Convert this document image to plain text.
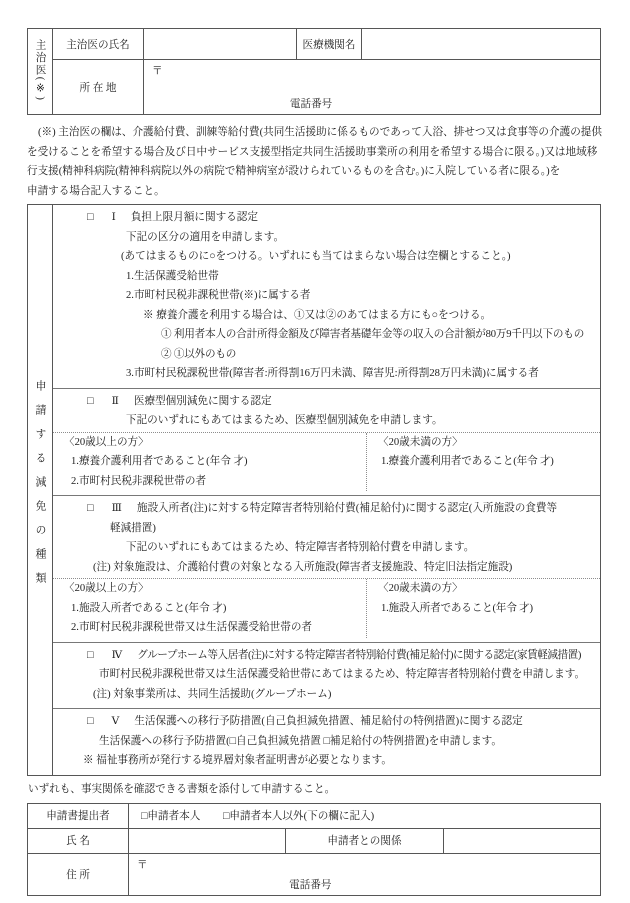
主治医(※)	主治医の氏名		医療機関名	
	所 在 地	〒
電話番号		
(※) 主治医の欄は、介護給付費、訓練等給付費(共同生活援助に係るものであって入浴、排せつ又は食事等の介護の提供
を受けることを希望する場合及び日中サービス支援型指定共同生活援助事業所の利用を希望する場合に限る。)又は地域移
行支援(精神科病院(精神科病院以外の病院で精神病室が設けられているものを含む。)に入院している者に限る。)を
申請する場合記入すること。
申請する減免の種類	
□ Ⅰ 負担上限月額に関する認定
下記の区分の適用を申請します。
(あてはまるものに○をつける。いずれにも当てはまらない場合は空欄とすること。)
1.生活保護受給世帯
2.市町村民税非課税世帯(※)に属する者
※ 療養介護を利用する場合は、①又は②のあてはまる方にも○をつける。
① 利用者本人の合計所得金額及び障害者基礎年金等の収入の合計額が80万9千円以下のもの
② ①以外のもの
3.市町村民税課税世帯(障害者:所得割16万円未満、障害児:所得割28万円未満)に属する者
□ Ⅱ 医療型個別減免に関する認定
下記のいずれにもあてはまるため、医療型個別減免を申請します。
〈20歳以上の方〉
1.療養介護利用者であること(年令 才)
2.市町村民税非課税世帯の者
〈20歳未満の方〉
1.療養介護利用者であること(年令 才)
□ Ⅲ 施設入所者(注)に対する特定障害者特別給付費(補足給付)に関する認定(入所施設の食費等
軽減措置)
下記のいずれにもあてはまるため、特定障害者特別給付費を申請します。
(注) 対象施設は、介護給付費の対象となる入所施設(障害者支援施設、特定旧法指定施設)
〈20歳以上の方〉
1.施設入所者であること(年令 才)
2.市町村民税非課税世帯又は生活保護受給世帯の者
〈20歳未満の方〉
1.施設入所者であること(年令 才)
□ Ⅳ グループホーム等入居者(注)に対する特定障害者特別給付費(補足給付)に関する認定(家賃軽減措置)
市町村民税非課税世帯又は生活保護受給世帯にあてはまるため、特定障害者特別給付費を申請します。
(注) 対象事業所は、共同生活援助(グループホーム)
□ Ⅴ 生活保護への移行予防措置(自己負担減免措置、補足給付の特例措置)に関する認定
生活保護への移行予防措置(□自己負担減免措置 □補足給付の特例措置)を申請します。
※ 福祉事務所が発行する境界層対象者証明書が必要となります。
いずれも、事実関係を確認できる書類を添付して申請すること。
申請書提出者	□申請者本人 □申請者本人以外(下の欄に記入)		
氏 名		申請者との関係	
住 所	〒
電話番号		
